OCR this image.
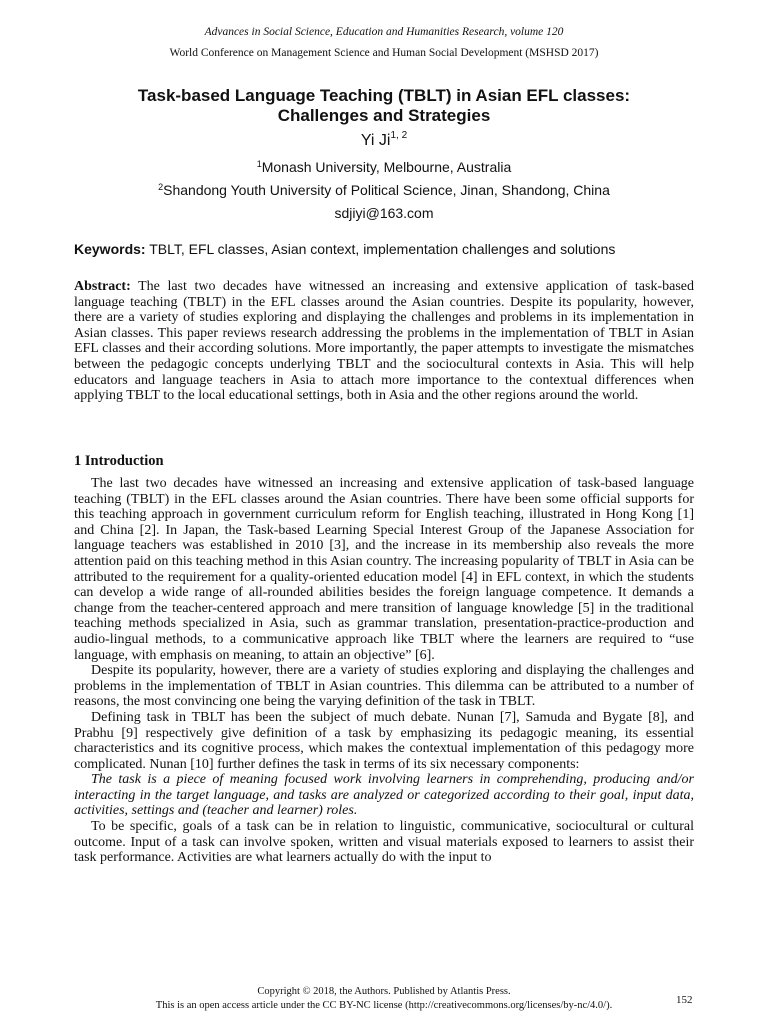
Advances in Social Science, Education and Humanities Research, volume 120
World Conference on Management Science and Human Social Development (MSHSD 2017)
Task-based Language Teaching (TBLT) in Asian EFL classes:
Challenges and Strategies
Yi Ji$^{1, 2}$
$^1$Monash University, Melbourne, Australia
$^2$Shandong Youth University of Political Science, Jinan, Shandong, China
sdjiyi@163.com
Keywords: TBLT, EFL classes, Asian context, implementation challenges and solutions
Abstract: The last two decades have witnessed an increasing and extensive application of task-based language teaching (TBLT) in the EFL classes around the Asian countries. Despite its popularity, however, there are a variety of studies exploring and displaying the challenges and problems in its implementation in Asian classes. This paper reviews research addressing the problems in the implementation of TBLT in Asian EFL classes and their according solutions. More importantly, the paper attempts to investigate the mismatches between the pedagogic concepts underlying TBLT and the sociocultural contexts in Asia. This will help educators and language teachers in Asia to attach more importance to the contextual differences when applying TBLT to the local educational settings, both in Asia and the other regions around the world.
1 Introduction

The last two decades have witnessed an increasing and extensive application of task-based language teaching (TBLT) in the EFL classes around the Asian countries. There have been some official supports for this teaching approach in government curriculum reform for English teaching, illustrated in Hong Kong [1] and China [2]. In Japan, the Task-based Learning Special Interest Group of the Japanese Association for language teachers was established in 2010 [3], and the increase in its membership also reveals the more attention paid on this teaching method in this Asian country. The increasing popularity of TBLT in Asia can be attributed to the requirement for a quality-oriented education model [4] in EFL context, in which the students can develop a wide range of all-rounded abilities besides the foreign language competence. It demands a change from the teacher-centered approach and mere transition of language knowledge [5] in the traditional teaching methods specialized in Asia, such as grammar translation, presentation-practice-production and audio-lingual methods, to a communicative approach like TBLT where the learners are required to “use language, with emphasis on meaning, to attain an objective” [6].

Despite its popularity, however, there are a variety of studies exploring and displaying the challenges and problems in the implementation of TBLT in Asian countries. This dilemma can be attributed to a number of reasons, the most convincing one being the varying definition of the task in TBLT.

Defining task in TBLT has been the subject of much debate. Nunan [7], Samuda and Bygate [8], and Prabhu [9] respectively give definition of a task by emphasizing its pedagogic meaning, its essential characteristics and its cognitive process, which makes the contextual implementation of this pedagogy more complicated. Nunan [10] further defines the task in terms of its six necessary components:

The task is a piece of meaning focused work involving learners in comprehending, producing and/or interacting in the target language, and tasks are analyzed or categorized according to their goal, input data, activities, settings and (teacher and learner) roles.

To be specific, goals of a task can be in relation to linguistic, communicative, sociocultural or cultural outcome. Input of a task can involve spoken, written and visual materials exposed to learners to assist their task performance. Activities are what learners actually do with the input to

Copyright © 2018, the Authors. Published by Atlantis Press.
This is an open access article under the CC BY-NC license (http://creativecommons.org/licenses/by-nc/4.0/).	152
